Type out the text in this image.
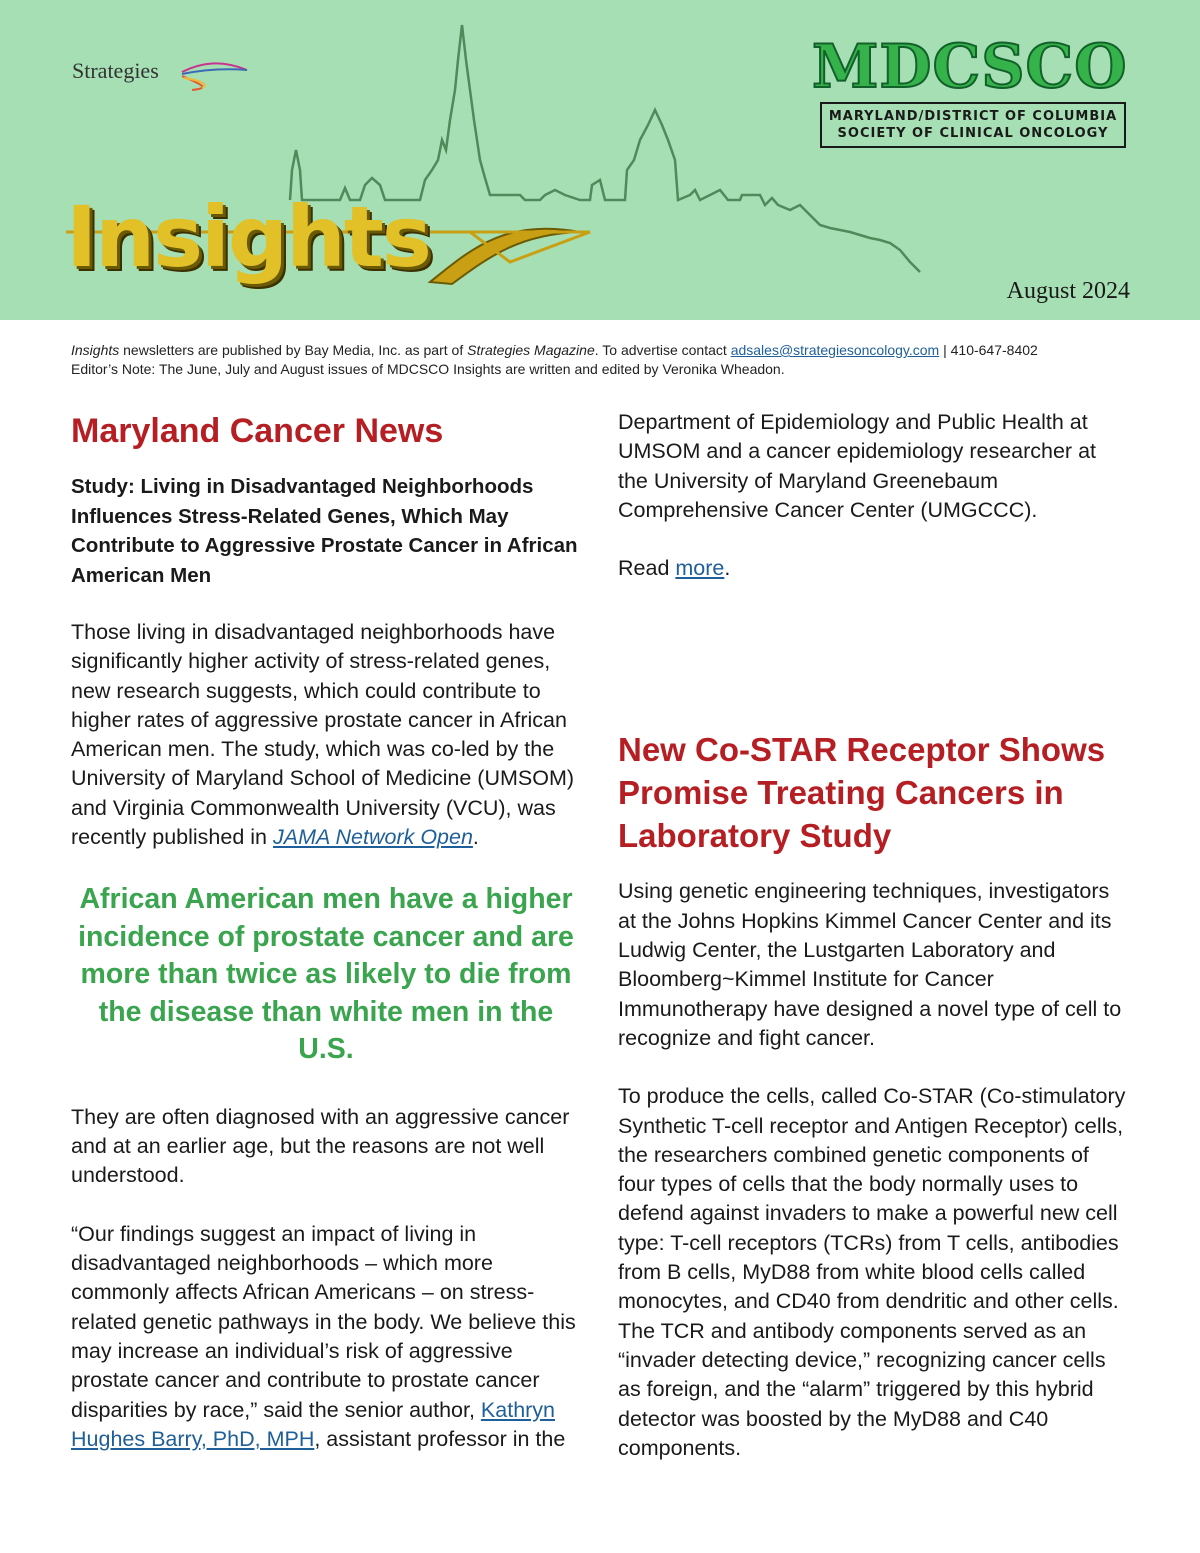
Strategies
Insights
MDCSCO
MARYLAND/DISTRICT OF COLUMBIA
SOCIETY OF CLINICAL ONCOLOGY
August 2024
Insights newsletters are published by Bay Media, Inc. as part of Strategies Magazine. To advertise contact adsales@strategiesoncology.com | 410-647-8402
Editor’s Note: The June, July and August issues of MDCSCO Insights are written and edited by Veronika Wheadon.
Maryland Cancer News
Study: Living in Disadvantaged Neighborhoods Influences Stress-Related Genes, Which May Contribute to Aggressive Prostate Cancer in African American Men

Those living in disadvantaged neighborhoods have significantly higher activity of stress-related genes, new research suggests, which could contribute to higher rates of aggressive prostate cancer in African American men. The study, which was co-led by the University of Maryland School of Medicine (UMSOM) and Virginia Commonwealth University (VCU), was recently published in JAMA Network Open.

African American men have a higher incidence of prostate cancer and are more than twice as likely to die from the disease than white men in the U.S.

They are often diagnosed with an aggressive cancer and at an earlier age, but the reasons are not well understood.

“Our findings suggest an impact of living in disadvantaged neighborhoods – which more commonly affects African Americans – on stress-related genetic pathways in the body. We believe this may increase an individual’s risk of aggressive prostate cancer and contribute to prostate cancer disparities by race,” said the senior author, Kathryn Hughes Barry, PhD, MPH, assistant professor in the

Department of Epidemiology and Public Health at UMSOM and a cancer epidemiology researcher at the University of Maryland Greenebaum Comprehensive Cancer Center (UMGCCC).

Read more.

New Co-STAR Receptor Shows Promise Treating Cancers in Laboratory Study

Using genetic engineering techniques, investigators at the Johns Hopkins Kimmel Cancer Center and its Ludwig Center, the Lustgarten Laboratory and Bloomberg~Kimmel Institute for Cancer Immunotherapy have designed a novel type of cell to recognize and fight cancer.

To produce the cells, called Co-STAR (Co-stimulatory Synthetic T-cell receptor and Antigen Receptor) cells, the researchers combined genetic components of four types of cells that the body normally uses to defend against invaders to make a powerful new cell type: T-cell receptors (TCRs) from T cells, antibodies from B cells, MyD88 from white blood cells called monocytes, and CD40 from dendritic and other cells. The TCR and antibody components served as an “invader detecting device,” recognizing cancer cells as foreign, and the “alarm” triggered by this hybrid detector was boosted by the MyD88 and C40 components.
